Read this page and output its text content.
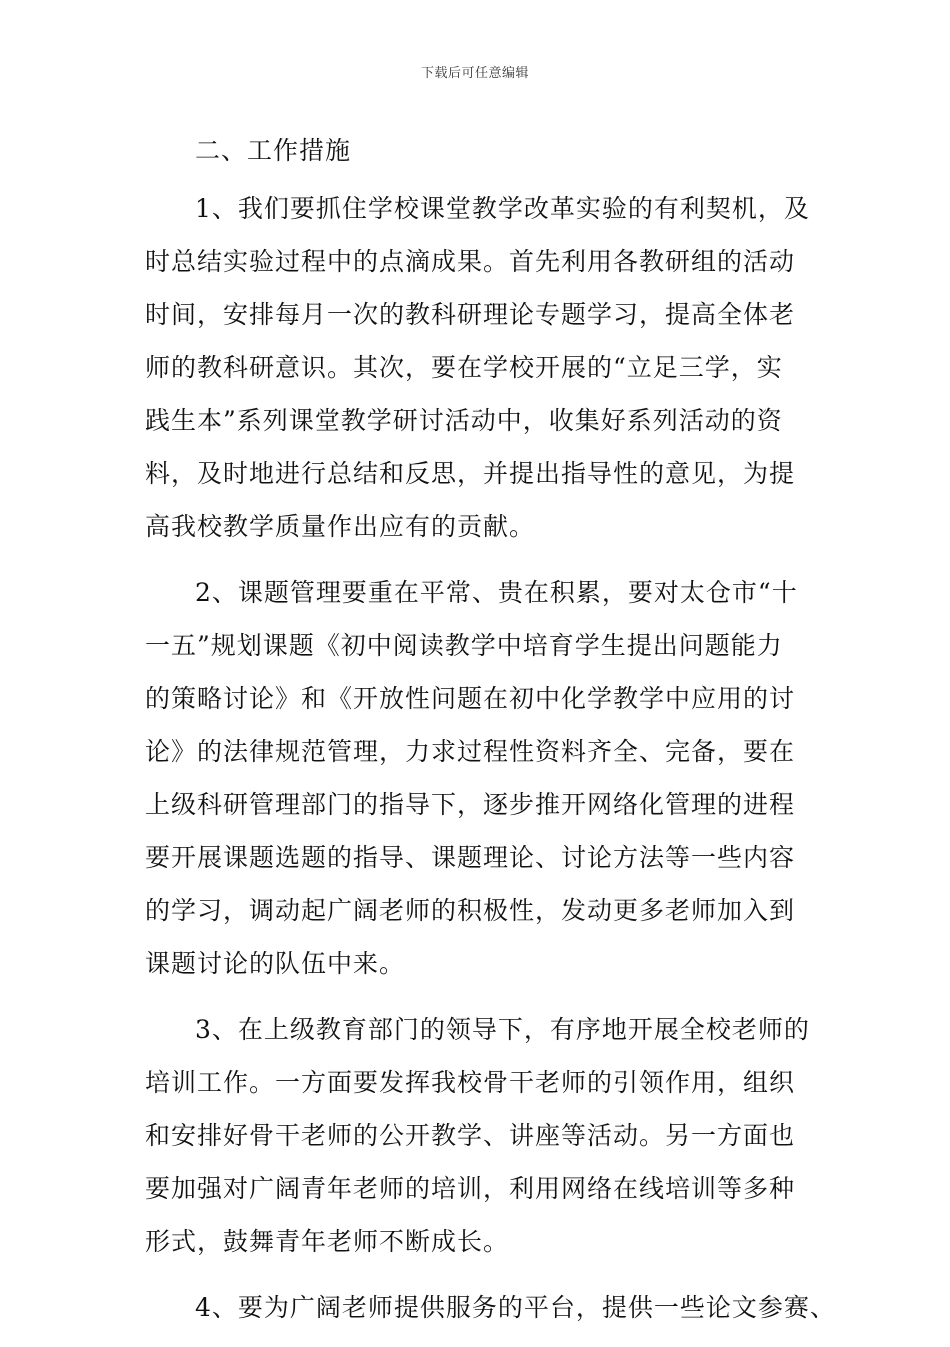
下载后可任意编辑
二、工作措施
1、我们要抓住学校课堂教学改革实验的有利契机，及
时总结实验过程中的点滴成果。首先利用各教研组的活动
时间，安排每月一次的教科研理论专题学习，提高全体老
师的教科研意识。其次，要在学校开展的“立足三学，实
践生本”系列课堂教学研讨活动中，收集好系列活动的资
料，及时地进行总结和反思，并提出指导性的意见，为提
高我校教学质量作出应有的贡献。
2、课题管理要重在平常、贵在积累，要对太仓市“十
一五”规划课题《初中阅读教学中培育学生提出问题能力
的策略讨论》和《开放性问题在初中化学教学中应用的讨
论》的法律规范管理，力求过程性资料齐全、完备，要在
上级科研管理部门的指导下，逐步推开网络化管理的进程
要开展课题选题的指导、课题理论、讨论方法等一些内容
的学习，调动起广阔老师的积极性，发动更多老师加入到
课题讨论的队伍中来。
3、在上级教育部门的领导下，有序地开展全校老师的
培训工作。一方面要发挥我校骨干老师的引领作用，组织
和安排好骨干老师的公开教学、讲座等活动。另一方面也
要加强对广阔青年老师的培训，利用网络在线培训等多种
形式，鼓舞青年老师不断成长。
4、要为广阔老师提供服务的平台，提供一些论文参赛、
